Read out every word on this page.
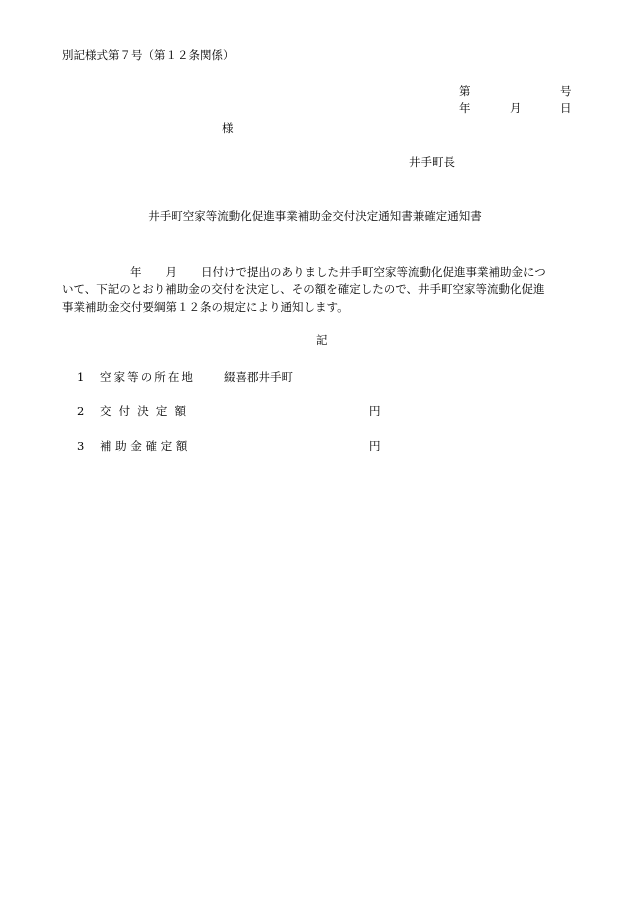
別記様式第７号（第１２条関係）
第	号
年	月	日
様
井手町長
井手町空家等流動化促進事業補助金交付決定通知書兼確定通知書
年 月 日付けで提出のありました井手町空家等流動化促進事業補助金につ
いて、下記のとおり補助金の交付を決定し、その額を確定したので、井手町空家等流動化促進
事業補助金交付要綱第１２条の規定により通知します。
記
1 空家等の所在地	綴喜郡井手町
2 交付決定額	円
3 補助金確定額	円
